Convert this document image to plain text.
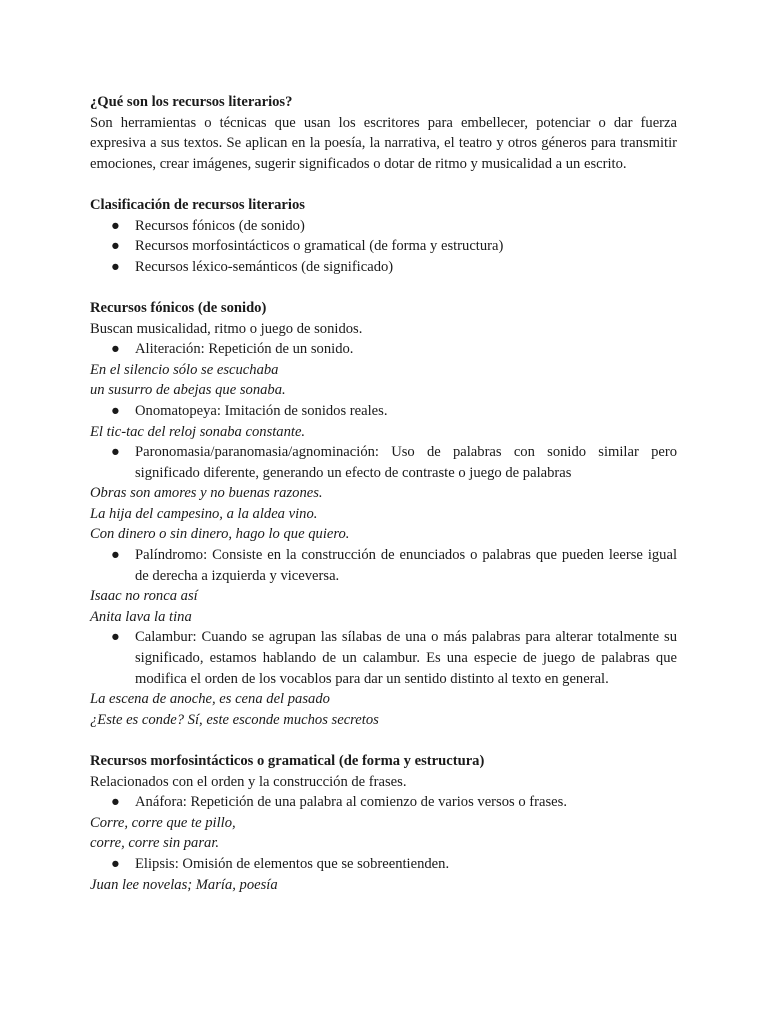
¿Qué son los recursos literarios?

Son herramientas o técnicas que usan los escritores para embellecer, potenciar o dar fuerza expresiva a sus textos. Se aplican en la poesía, la narrativa, el teatro y otros géneros para transmitir emociones, crear imágenes, sugerir significados o dotar de ritmo y musicalidad a un escrito.

Clasificación de recursos literarios

● Recursos fónicos (de sonido)
● Recursos morfosintácticos o gramatical (de forma y estructura)
● Recursos léxico-semánticos (de significado)

Recursos fónicos (de sonido)

Buscan musicalidad, ritmo o juego de sonidos.

● Aliteración: Repetición de un sonido.

En el silencio sólo se escuchaba

un susurro de abejas que sonaba.

● Onomatopeya: Imitación de sonidos reales.

El tic-tac del reloj sonaba constante.

● Paronomasia/paranomasia/agnominación: Uso de palabras con sonido similar pero significado diferente, generando un efecto de contraste o juego de palabras

Obras son amores y no buenas razones.

La hija del campesino, a la aldea vino.

Con dinero o sin dinero, hago lo que quiero.

● Palíndromo: Consiste en la construcción de enunciados o palabras que pueden leerse igual de derecha a izquierda y viceversa.

Isaac no ronca así

Anita lava la tina

● Calambur: Cuando se agrupan las sílabas de una o más palabras para alterar totalmente su significado, estamos hablando de un calambur. Es una especie de juego de palabras que modifica el orden de los vocablos para dar un sentido distinto al texto en general.

La escena de anoche, es cena del pasado

¿Este es conde? Sí, este esconde muchos secretos

Recursos morfosintácticos o gramatical (de forma y estructura)

Relacionados con el orden y la construcción de frases.

● Anáfora: Repetición de una palabra al comienzo de varios versos o frases.

Corre, corre que te pillo,

corre, corre sin parar.

● Elipsis: Omisión de elementos que se sobreentienden.

Juan lee novelas; María, poesía
